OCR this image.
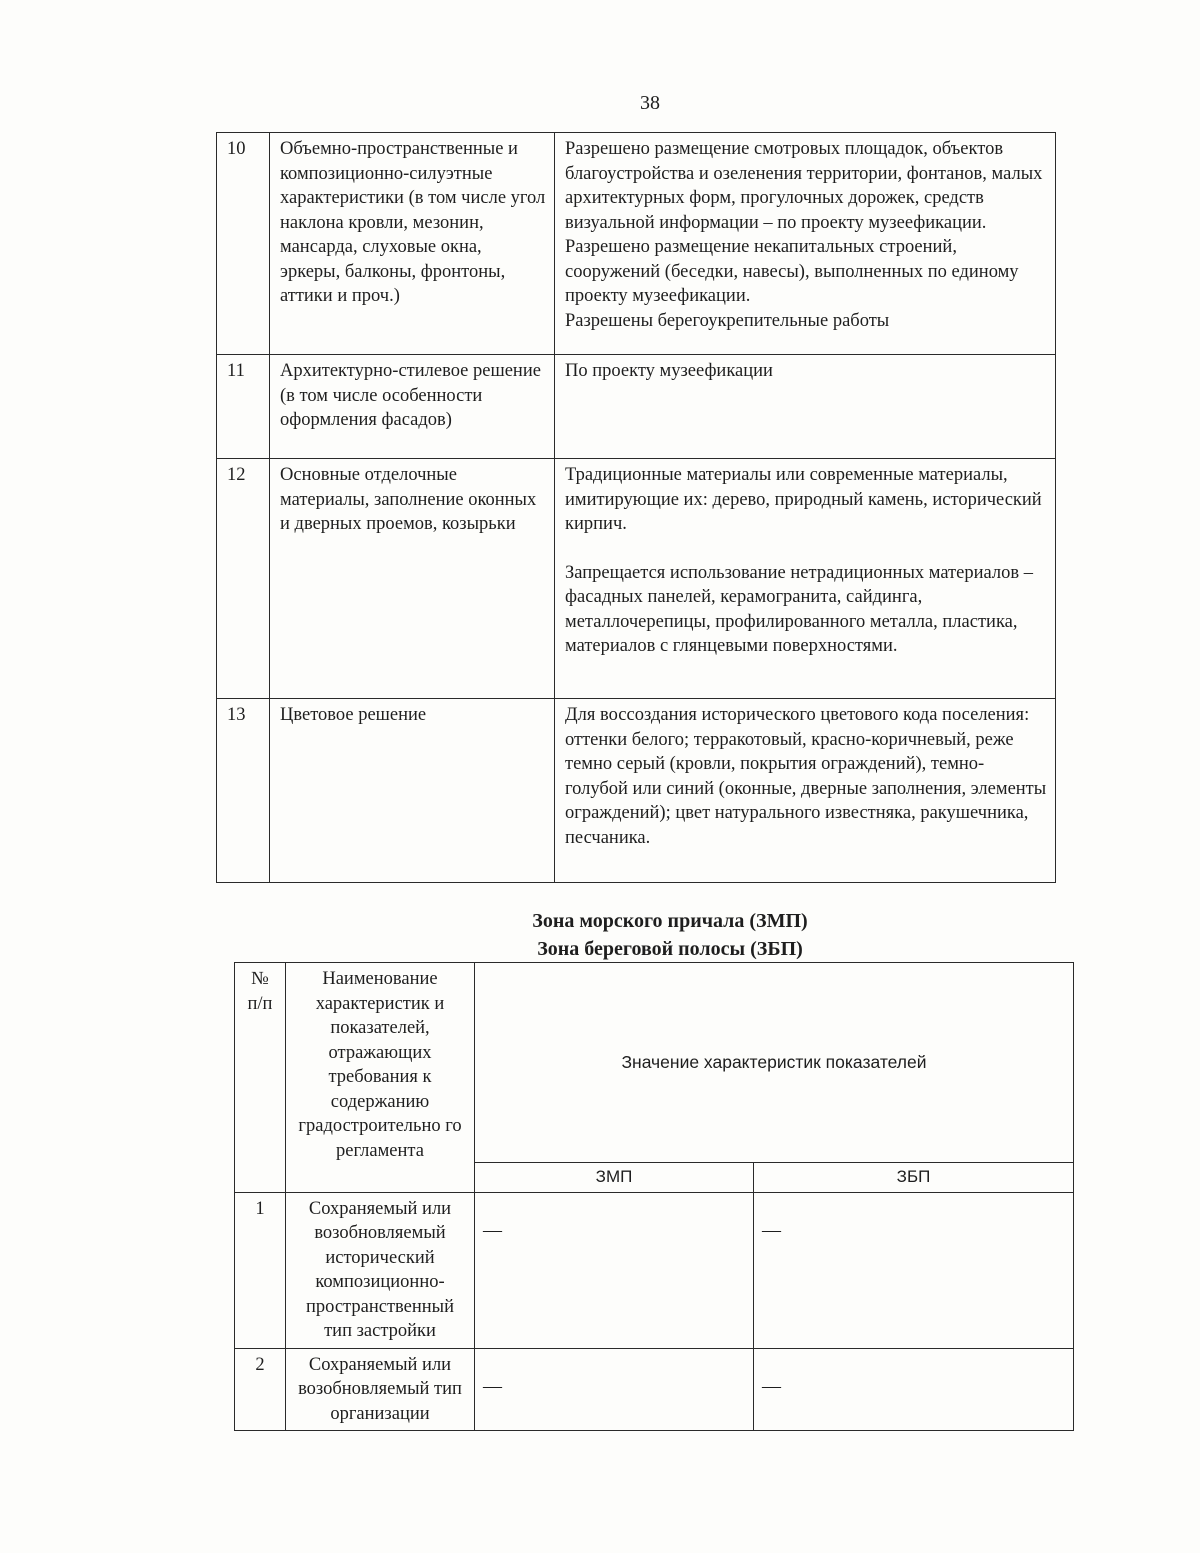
38
10	Объемно-пространственные и композиционно-силуэтные характеристики (в том числе угол наклона кровли, мезонин, мансарда, слуховые окна, эркеры, балконы, фронтоны, аттики и проч.)	Разрешено размещение смотровых площадок, объектов благоустройства и озеленения территории, фонтанов, малых архитектурных форм, прогулочных дорожек, средств визуальной информации – по проекту музеефикации.

Разрешено размещение некапитальных строений, сооружений (беседки, навесы), выполненных по единому проекту музеефикации.

Разрешены берегоукрепительные работы

11	Архитектурно-стилевое решение (в том числе особенности оформления фасадов)	По проекту музеефикации

12	Основные отделочные материалы, заполнение оконных и дверных проемов, козырьки	Традиционные материалы или современные материалы, имитирующие их: дерево, природный камень, исторический кирпич.

Запрещается использование нетрадиционных материалов – фасадных панелей, керамогранита, сайдинга, металлочерепицы, профилированного металла, пластика, материалов с глянцевыми поверхностями.

13	Цветовое решение	Для воссоздания исторического цветового кода поселения: оттенки белого; терракотовый, красно-коричневый, реже темно серый (кровли, покрытия ограждений), темно-голубой или синий (оконные, дверные заполнения, элементы ограждений); цвет натурального известняка, ракушечника, песчаника.

Зона морского причала (ЗМП)
Зона береговой полосы (ЗБП)
№ п/п	Наименование характеристик и показателей, отражающих требования к содержанию градостроительно го регламента	Значение характеристик показателей	
		ЗМП	ЗБП
1	Сохраняемый или возобновляемый исторический композиционно-пространственный тип застройки	—	—

2	Сохраняемый или возобновляемый тип организации	—	—
